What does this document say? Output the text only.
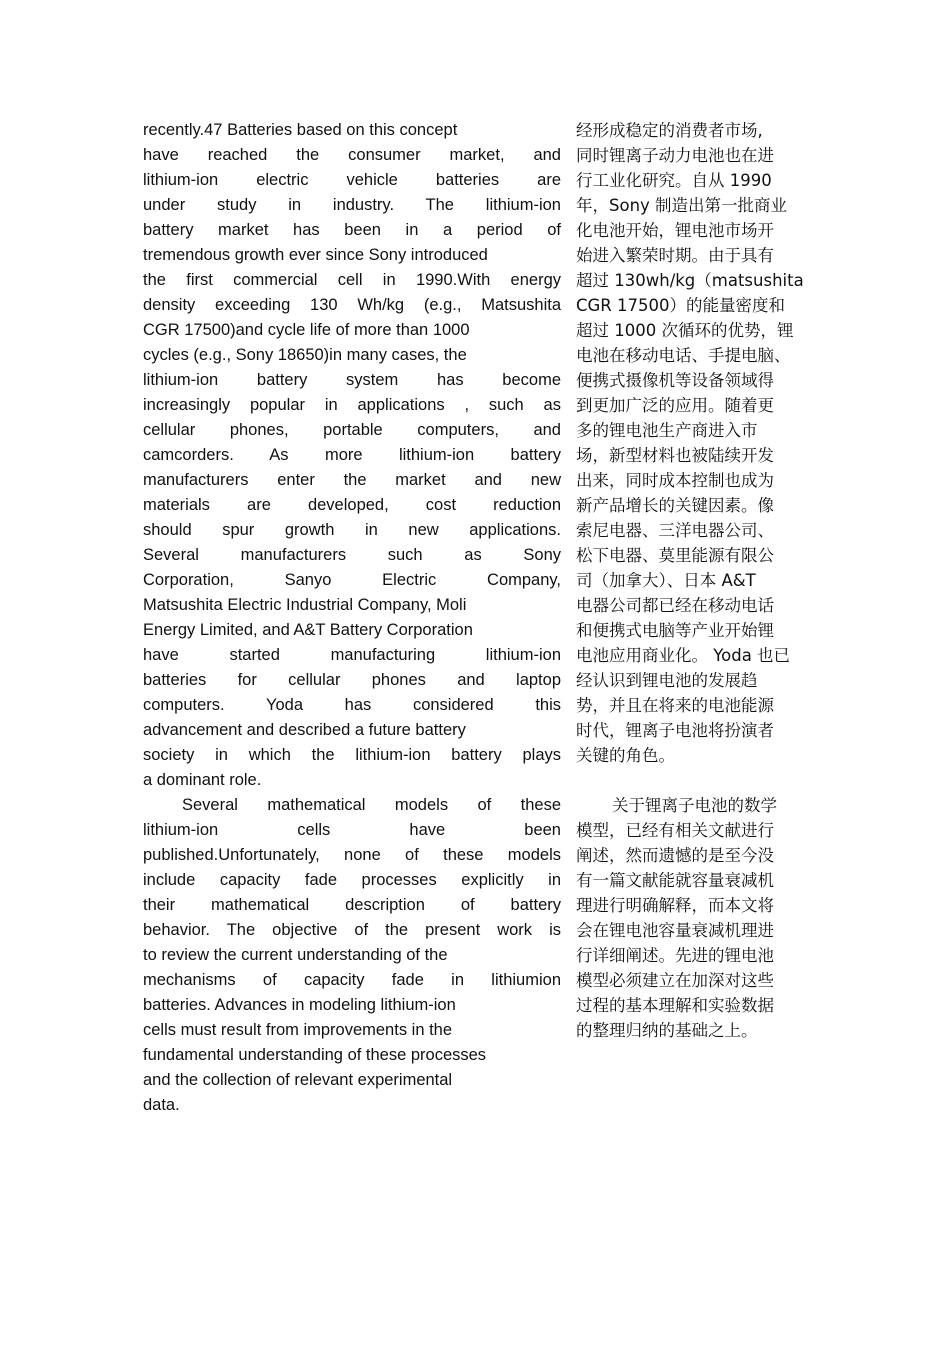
recently.47 Batteries based on this concept
have reached the consumer market, and
lithium-ion electric vehicle batteries are
under study in industry. The lithium-ion
battery market has been in a period of
tremendous growth ever since Sony introduced
the first commercial cell in 1990.With energy
density exceeding 130 Wh/kg (e.g., Matsushita
CGR 17500)and cycle life of more than 1000
cycles (e.g., Sony 18650)in many cases, the
lithium-ion battery system has become
increasingly popular in applications , such as
cellular phones, portable computers, and
camcorders. As more lithium-ion battery
manufacturers enter the market and new
materials are developed, cost reduction
should spur growth in new applications.
Several manufacturers such as Sony
Corporation, Sanyo Electric Company,
Matsushita Electric Industrial Company, Moli
Energy Limited, and A&T Battery Corporation
have started manufacturing lithium-ion
batteries for cellular phones and laptop
computers. Yoda has considered this
advancement and described a future battery
society in which the lithium-ion battery plays
a dominant role.
Several mathematical models of these
lithium-ion cells have been
published.Unfortunately, none of these models
include capacity fade processes explicitly in
their mathematical description of battery
behavior. The objective of the present work is
to review the current understanding of the
mechanisms of capacity fade in lithiumion
batteries. Advances in modeling lithium-ion
cells must result from improvements in the
fundamental understanding of these processes
and the collection of relevant experimental
data.
经形成稳定的消费者市场,
同时锂离子动力电池也在进
行工业化研究。自从 1990
年，Sony 制造出第一批商业
化电池开始，锂电池市场开
始进入繁荣时期。由于具有
超过 130wh/kg（matsushita
CGR 17500）的能量密度和
超过 1000 次循环的优势，锂
电池在移动电话、手提电脑、
便携式摄像机等设备领域得
到更加广泛的应用。随着更
多的锂电池生产商进入市
场，新型材料也被陆续开发
出来，同时成本控制也成为
新产品增长的关键因素。像
索尼电器、三洋电器公司、
松下电器、莫里能源有限公
司（加拿大）、日本 A&T
电器公司都已经在移动电话
和便携式电脑等产业开始锂
电池应用商业化。 Yoda 也已
经认识到锂电池的发展趋
势，并且在将来的电池能源
时代，锂离子电池将扮演者
关键的角色。
关于锂离子电池的数学
模型，已经有相关文献进行
阐述，然而遗憾的是至今没
有一篇文献能就容量衰减机
理进行明确解释，而本文将
会在锂电池容量衰减机理进
行详细阐述。先进的锂电池
模型必须建立在加深对这些
过程的基本理解和实验数据
的整理归纳的基础之上。
